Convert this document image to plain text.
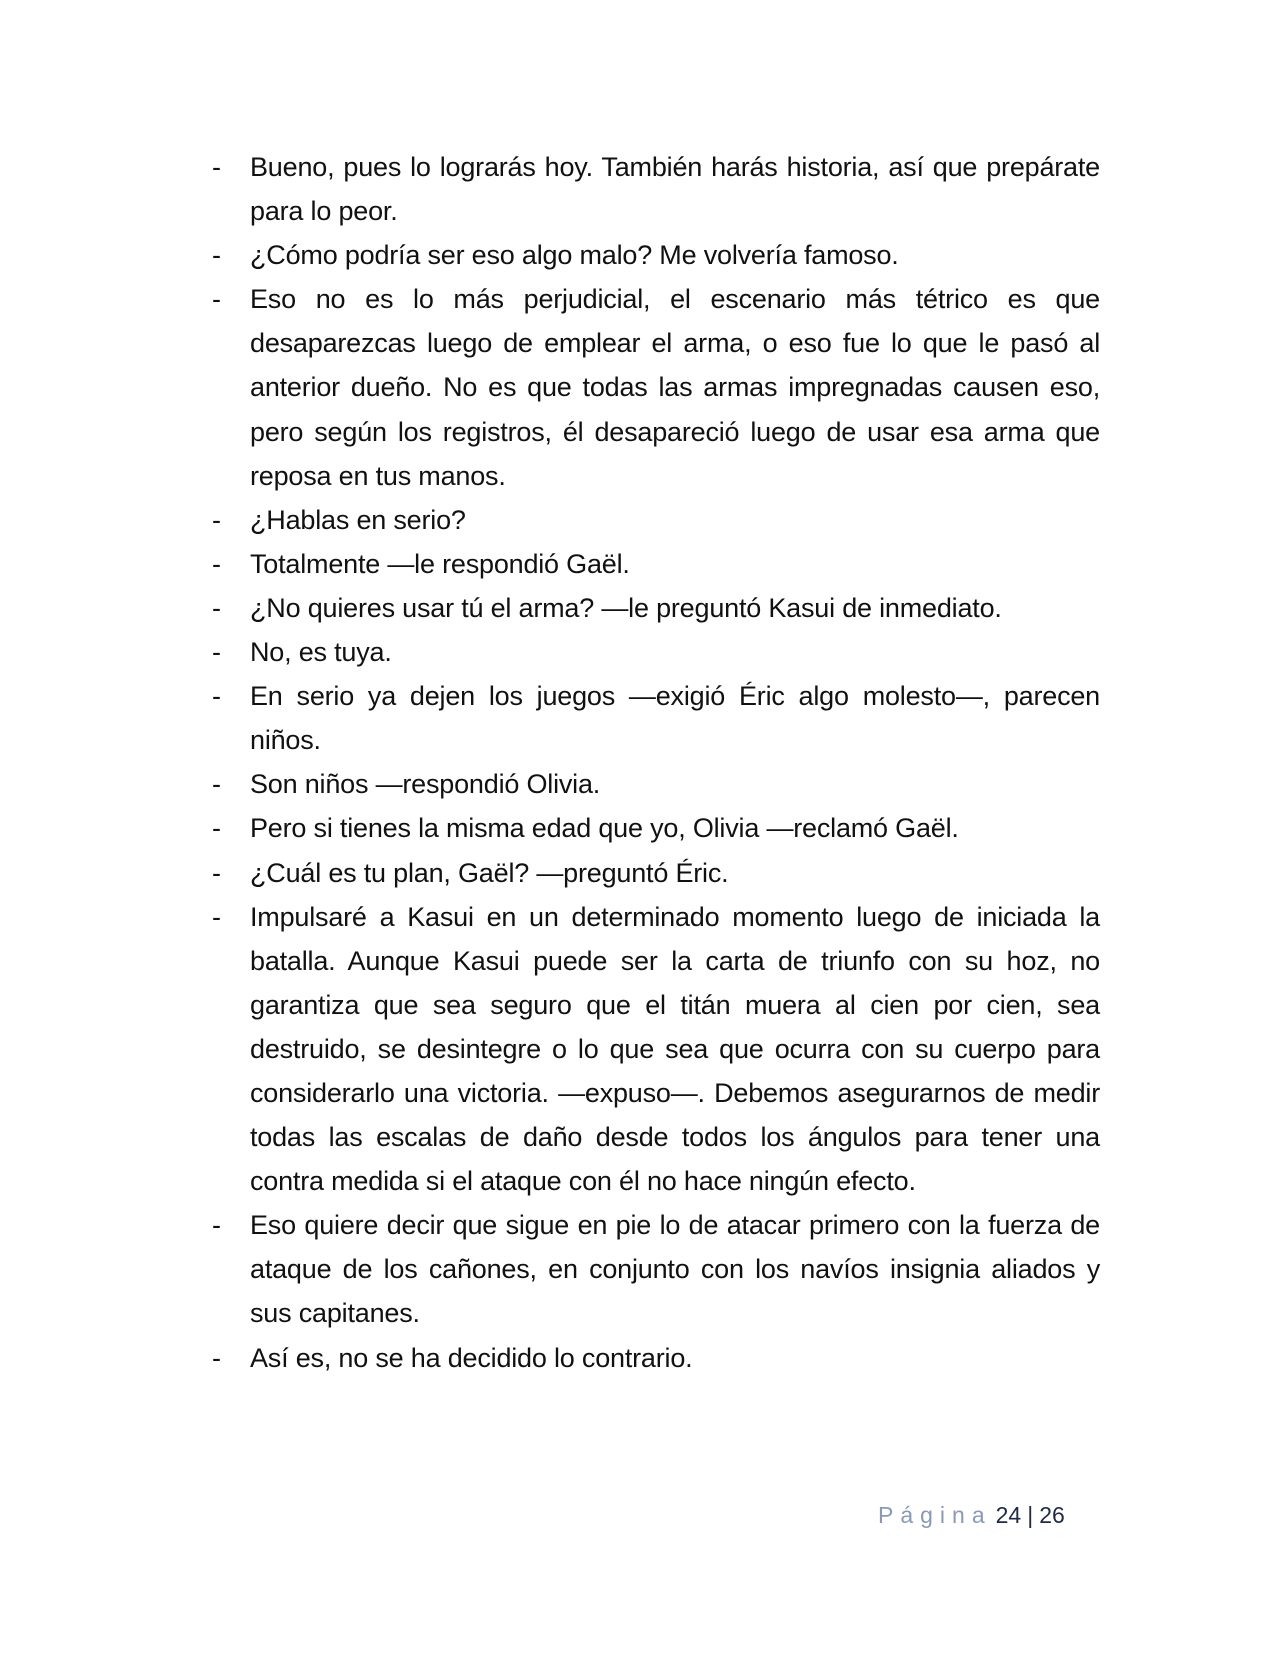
-	Bueno, pues lo lograrás hoy. También harás historia, así que prepárate para lo peor.
-	¿Cómo podría ser eso algo malo? Me volvería famoso.
-	Eso no es lo más perjudicial, el escenario más tétrico es que desaparezcas luego de emplear el arma, o eso fue lo que le pasó al anterior dueño. No es que todas las armas impregnadas causen eso, pero según los registros, él desapareció luego de usar esa arma que reposa en tus manos.
-	¿Hablas en serio?
-	Totalmente —le respondió Gaël.
-	¿No quieres usar tú el arma? —le preguntó Kasui de inmediato.
-	No, es tuya.
-	En serio ya dejen los juegos —exigió Éric algo molesto—, parecen niños.
-	Son niños —respondió Olivia.
-	Pero si tienes la misma edad que yo, Olivia —reclamó Gaël.
-	¿Cuál es tu plan, Gaël? —preguntó Éric.
-	Impulsaré a Kasui en un determinado momento luego de iniciada la batalla. Aunque Kasui puede ser la carta de triunfo con su hoz, no garantiza que sea seguro que el titán muera al cien por cien, sea destruido, se desintegre o lo que sea que ocurra con su cuerpo para considerarlo una victoria. —expuso—. Debemos asegurarnos de medir todas las escalas de daño desde todos los ángulos para tener una contra medida si el ataque con él no hace ningún efecto.
-	Eso quiere decir que sigue en pie lo de atacar primero con la fuerza de ataque de los cañones, en conjunto con los navíos insignia aliados y sus capitanes.
-	Así es, no se ha decidido lo contrario.
Página 24 | 26
